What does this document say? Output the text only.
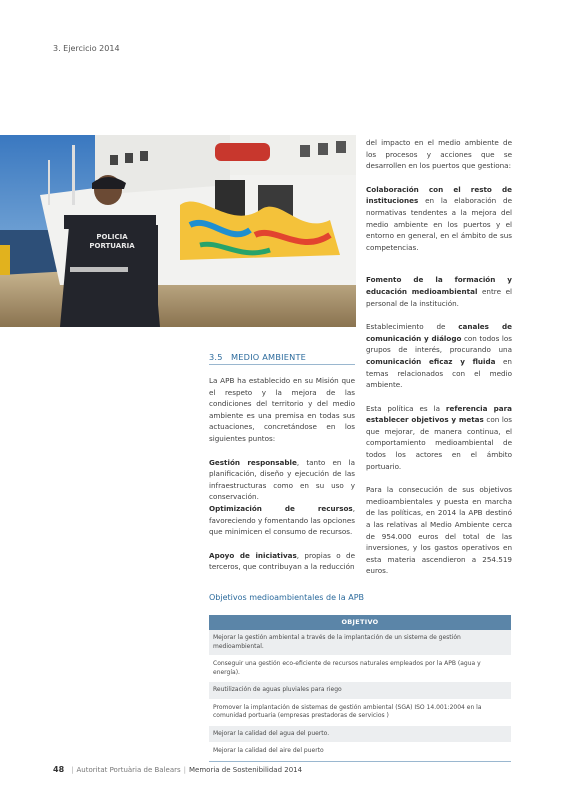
3. Ejercicio 2014
POLICIA
PORTUARIA

del impacto en el medio ambiente de los procesos y acciones que se desarrollen en los puertos que gestiona:

Colaboración con el resto de instituciones en la elaboración de normativas tendentes a la mejora del medio ambiente en los puertos y el entorno en general, en el ámbito de sus competencias.

Fomento de la formación y educación medioambiental entre el personal de la institución.

Establecimiento de canales de comunicación y diálogo con todos los grupos de interés, procurando una comunicación eficaz y fluida en temas relacionados con el medio ambiente.

Esta política es la referencia para establecer objetivos y metas con los que mejorar, de manera continua, el comportamiento medioambiental de todos los actores en el ámbito portuario.

Para la consecución de sus objetivos medioambientales y puesta en marcha de las políticas, en 2014 la APB destinó a las relativas al Medio Ambiente cerca de 954.000 euros del total de las inversiones, y los gastos operativos en esta materia ascendieron a 254.519 euros.

3.5 MEDIO AMBIENTE

La APB ha establecido en su Misión que el respeto y la mejora de las condiciones del territorio y del medio ambiente es una premisa en todas sus actuaciones, concretándose en los siguientes puntos:

Gestión responsable, tanto en la planificación, diseño y ejecución de las infraestructuras como en su uso y conservación.

Optimización de recursos, favoreciendo y fomentando las opciones que minimicen el consumo de recursos.

Apoyo de iniciativas, propias o de terceros, que contribuyan a la reducción

Objetivos medioambientales de la APB
OBJETIVO
Mejorar la gestión ambiental a través de la implantación de un sistema de gestión medioambiental.
Conseguir una gestión eco-eficiente de recursos naturales empleados por la APB (agua y energía).
Reutilización de aguas pluviales para riego
Promover la implantación de sistemas de gestión ambiental (SGA) ISO 14.001:2004 en la comunidad portuaria (empresas prestadoras de servicios )
Mejorar la calidad del agua del puerto.
Mejorar la calidad del aire del puerto
48 | Autoritat Portuària de Balears | Memoria de Sostenibilidad 2014
